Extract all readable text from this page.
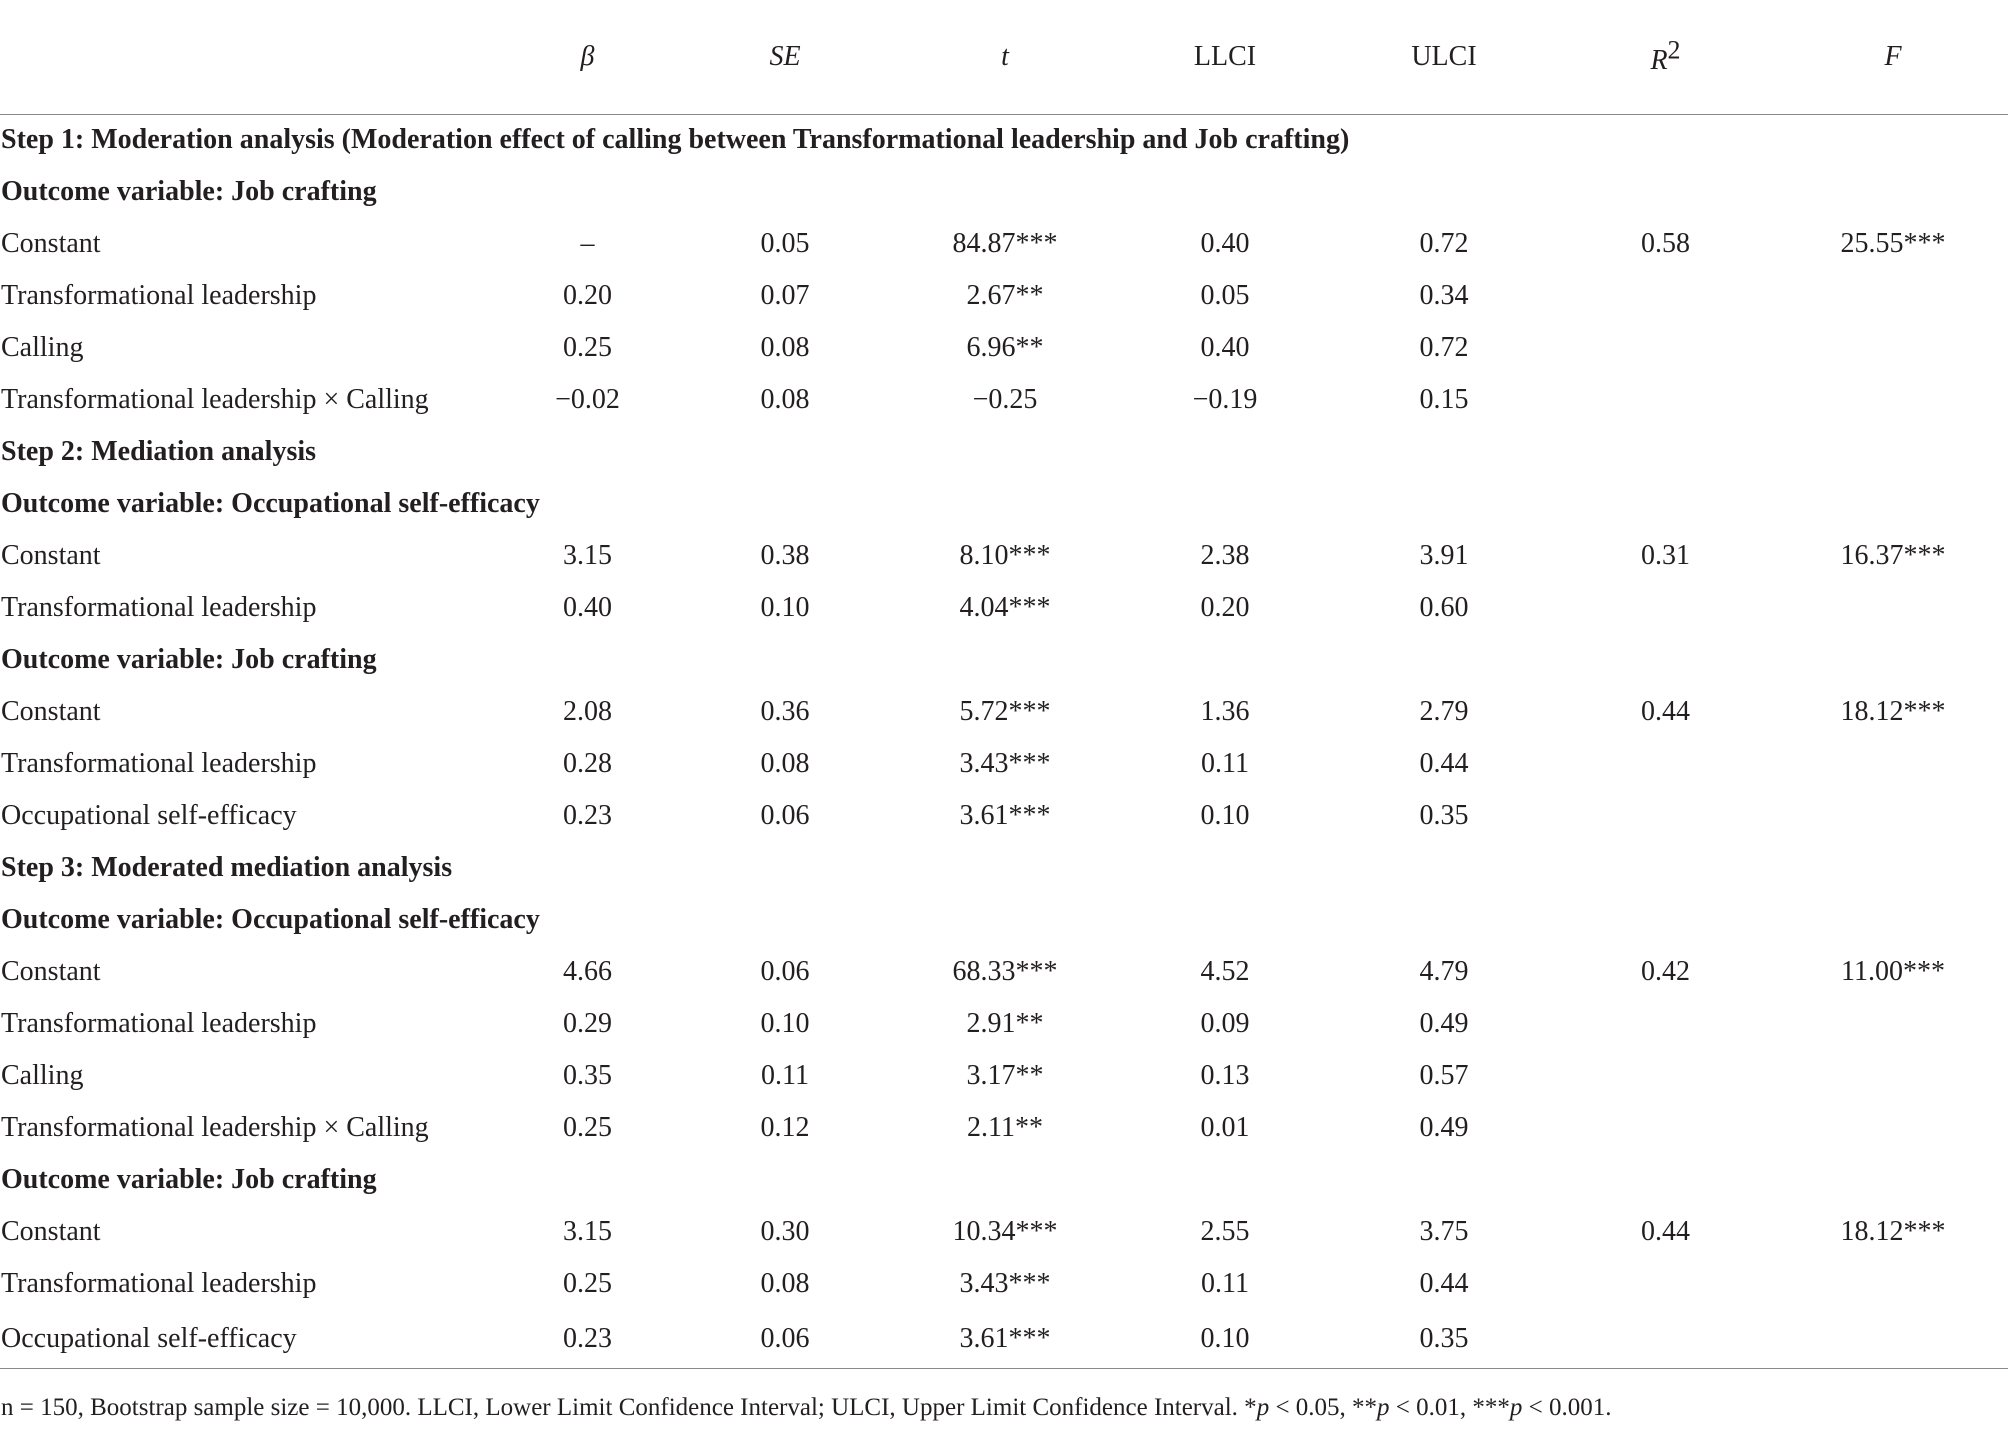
	β	SE	t	LLCI	ULCI	$R^2$	F
Step 1: Moderation analysis (Moderation effect of calling between Transformational leadership and Job crafting)							
Outcome variable: Job crafting							
Constant	–	0.05	84.87***	0.40	0.72	0.58	25.55***
Transformational leadership	0.20	0.07	2.67**	0.05	0.34		
Calling	0.25	0.08	6.96**	0.40	0.72		
Transformational leadership × Calling	−0.02	0.08	−0.25	−0.19	0.15		
Step 2: Mediation analysis							
Outcome variable: Occupational self-efficacy							
Constant	3.15	0.38	8.10***	2.38	3.91	0.31	16.37***
Transformational leadership	0.40	0.10	4.04***	0.20	0.60		
Outcome variable: Job crafting							
Constant	2.08	0.36	5.72***	1.36	2.79	0.44	18.12***
Transformational leadership	0.28	0.08	3.43***	0.11	0.44		
Occupational self-efficacy	0.23	0.06	3.61***	0.10	0.35		
Step 3: Moderated mediation analysis							
Outcome variable: Occupational self-efficacy							
Constant	4.66	0.06	68.33***	4.52	4.79	0.42	11.00***
Transformational leadership	0.29	0.10	2.91**	0.09	0.49		
Calling	0.35	0.11	3.17**	0.13	0.57		
Transformational leadership × Calling	0.25	0.12	2.11**	0.01	0.49		
Outcome variable: Job crafting							
Constant	3.15	0.30	10.34***	2.55	3.75	0.44	18.12***
Transformational leadership	0.25	0.08	3.43***	0.11	0.44		
Occupational self-efficacy	0.23	0.06	3.61***	0.10	0.35		
n = 150, Bootstrap sample size = 10,000. LLCI, Lower Limit Confidence Interval; ULCI, Upper Limit Confidence Interval. *p < 0.05, **p < 0.01, ***p < 0.001.
